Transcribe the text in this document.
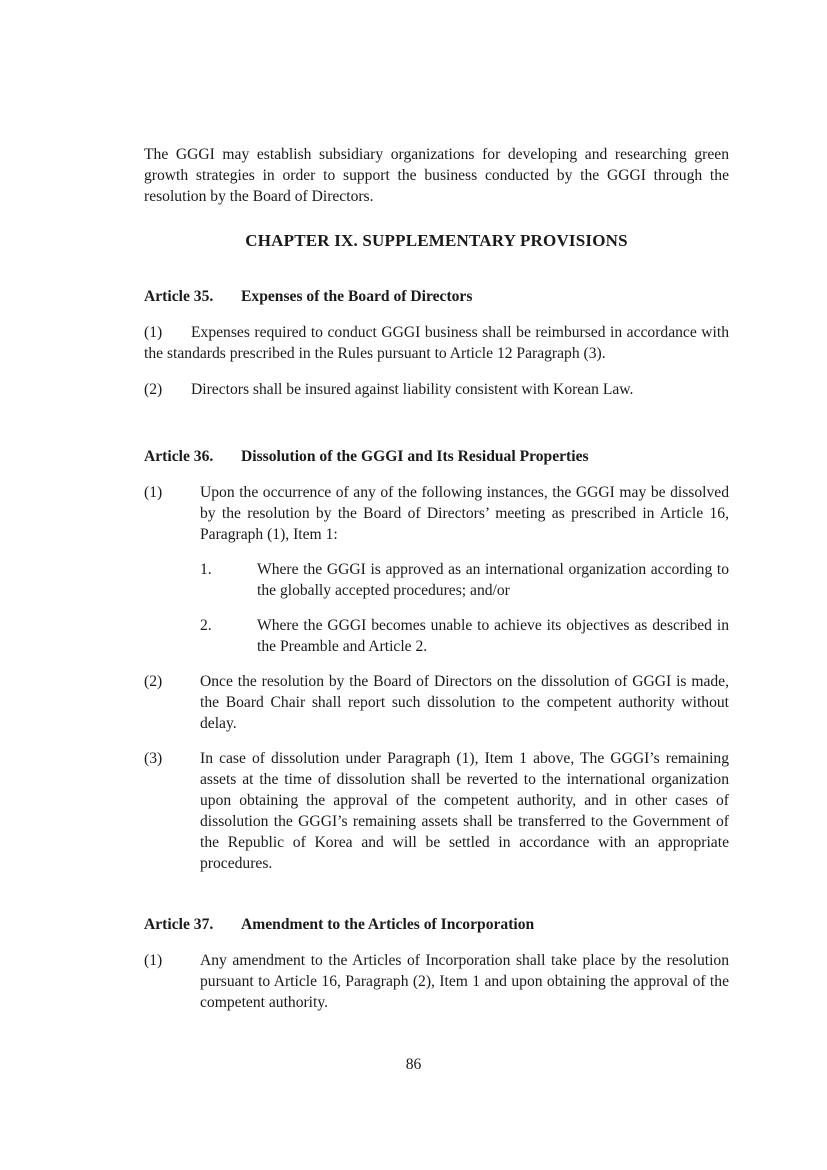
The GGGI may establish subsidiary organizations for developing and researching green growth strategies in order to support the business conducted by the GGGI through the resolution by the Board of Directors.

CHAPTER IX. SUPPLEMENTARY PROVISIONS
Article 35.	Expenses of the Board of Directors

(1) Expenses required to conduct GGGI business shall be reimbursed in accordance with the standards prescribed in the Rules pursuant to Article 12 Paragraph (3).

(2) Directors shall be insured against liability consistent with Korean Law.

Article 36.	Dissolution of the GGGI and Its Residual Properties
(1)	Upon the occurrence of any of the following instances, the GGGI may be dissolved by the resolution by the Board of Directors’ meeting as prescribed in Article 16, Paragraph (1), Item 1:
1.	Where the GGGI is approved as an international organization according to the globally accepted procedures; and/or
2.	Where the GGGI becomes unable to achieve its objectives as described in the Preamble and Article 2.
(2)	Once the resolution by the Board of Directors on the dissolution of GGGI is made, the Board Chair shall report such dissolution to the competent authority without delay.
(3)	In case of dissolution under Paragraph (1), Item 1 above, The GGGI’s remaining assets at the time of dissolution shall be reverted to the international organization upon obtaining the approval of the competent authority, and in other cases of dissolution the GGGI’s remaining assets shall be transferred to the Government of the Republic of Korea and will be settled in accordance with an appropriate procedures.
Article 37.	Amendment to the Articles of Incorporation
(1)	Any amendment to the Articles of Incorporation shall take place by the resolution pursuant to Article 16, Paragraph (2), Item 1 and upon obtaining the approval of the competent authority.
86
